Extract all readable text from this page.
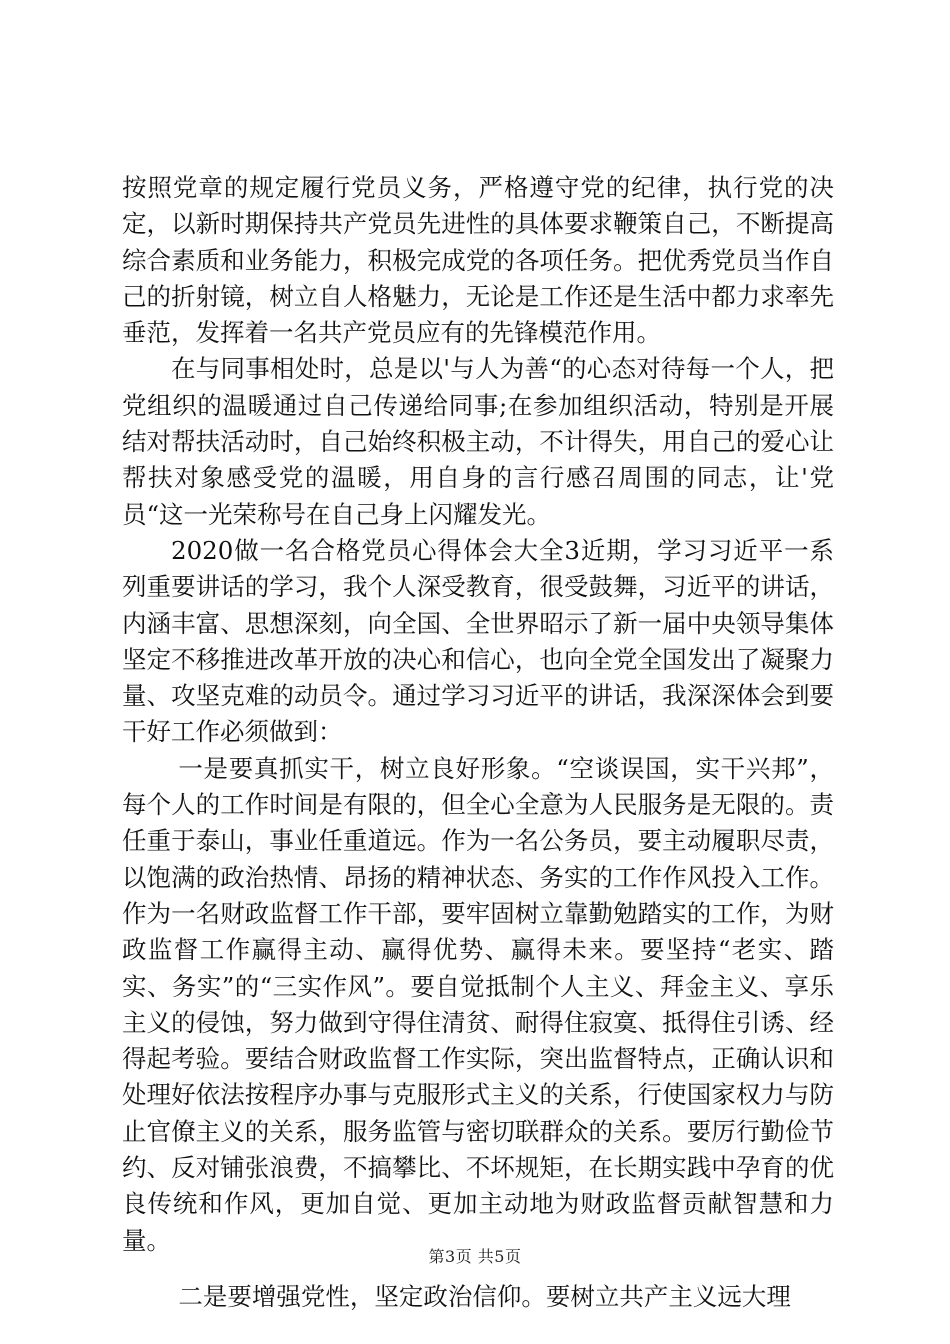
按照党章的规定履行党员义务，严格遵守党的纪律，执行党的决定，以新时期保持共产党员先进性的具体要求鞭策自己，不断提高综合素质和业务能力，积极完成党的各项任务。把优秀党员当作自己的折射镜，树立自人格魅力，无论是工作还是生活中都力求率先垂范，发挥着一名共产党员应有的先锋模范作用。

在与同事相处时，总是以'与人为善“的心态对待每一个人，把党组织的温暖通过自己传递给同事;在参加组织活动，特别是开展结对帮扶活动时，自己始终积极主动，不计得失，用自己的爱心让帮扶对象感受党的温暖，用自身的言行感召周围的同志，让'党员“这一光荣称号在自己身上闪耀发光。

2020做一名合格党员心得体会大全3近期，学习习近平一系列重要讲话的学习，我个人深受教育，很受鼓舞，习近平的讲话，内涵丰富、思想深刻，向全国、全世界昭示了新一届中央领导集体坚定不移推进改革开放的决心和信心，也向全党全国发出了凝聚力量、攻坚克难的动员令。通过学习习近平的讲话，我深深体会到要干好工作必须做到：

一是要真抓实干，树立良好形象。“空谈误国，实干兴邦”，每个人的工作时间是有限的，但全心全意为人民服务是无限的。责任重于泰山，事业任重道远。作为一名公务员，要主动履职尽责，以饱满的政治热情、昂扬的精神状态、务实的工作作风投入工作。作为一名财政监督工作干部，要牢固树立靠勤勉踏实的工作，为财政监督工作赢得主动、赢得优势、赢得未来。要坚持“老实、踏实、务实”的“三实作风”。要自觉抵制个人主义、拜金主义、享乐主义的侵蚀，努力做到守得住清贫、耐得住寂寞、抵得住引诱、经得起考验。要结合财政监督工作实际，突出监督特点，正确认识和处理好依法按程序办事与克服形式主义的关系，行使国家权力与防止官僚主义的关系，服务监管与密切联群众的关系。要厉行勤俭节约、反对铺张浪费，不搞攀比、不坏规矩，在长期实践中孕育的优良传统和作风，更加自觉、更加主动地为财政监督贡献智慧和力量。

二是要增强党性，坚定政治信仰。要树立共产主义远大理

第3页 共5页
